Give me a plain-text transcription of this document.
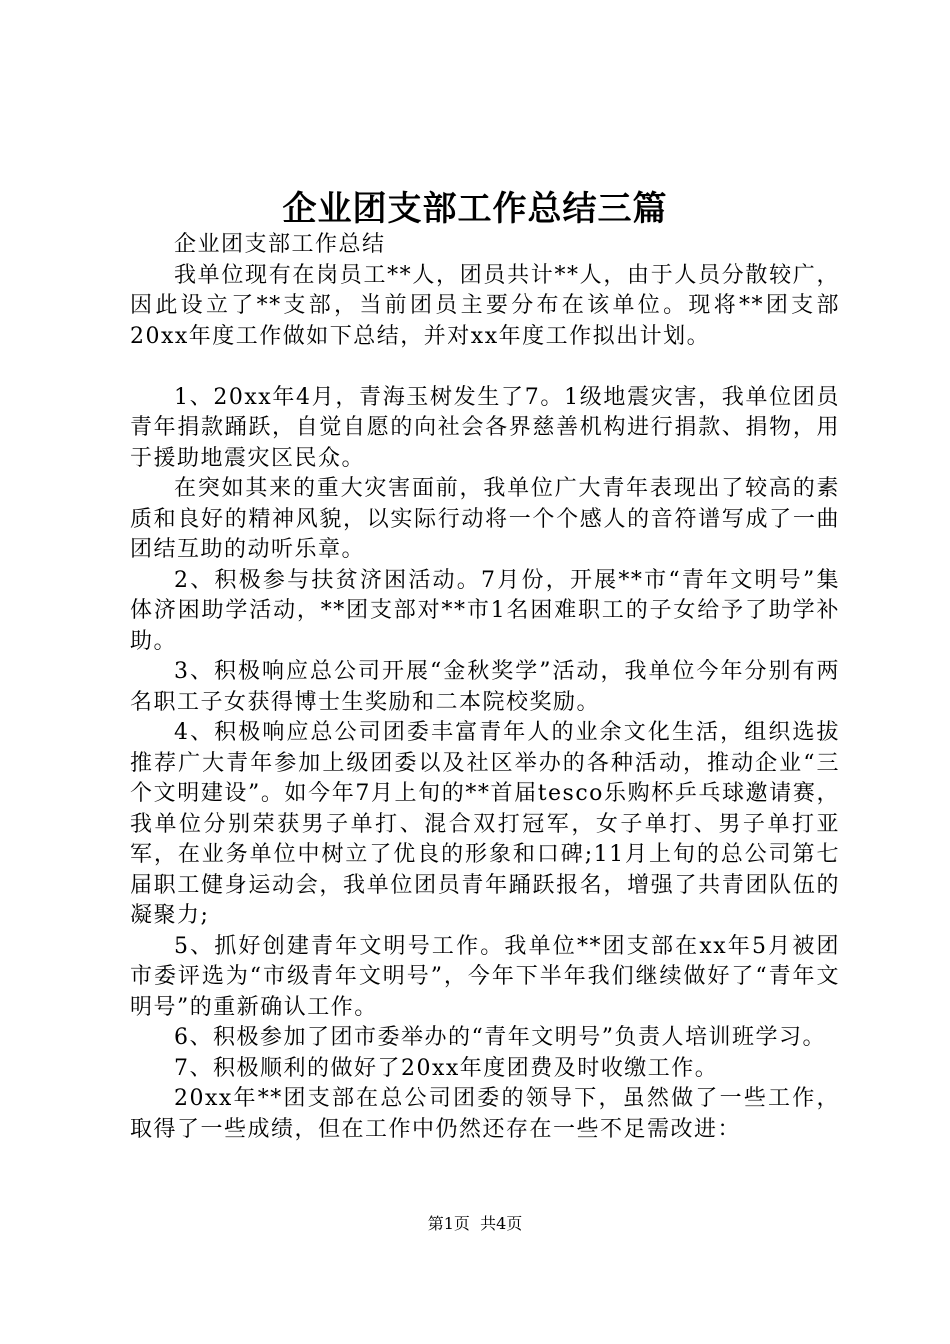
企业团支部工作总结三篇

企业团支部工作总结

我单位现有在岗员工**人，团员共计**人，由于人员分散较广，因此设立了**支部，当前团员主要分布在该单位。现将**团支部20xx年度工作做如下总结，并对xx年度工作拟出计划。

1、20xx年4月，青海玉树发生了7。1级地震灾害，我单位团员青年捐款踊跃，自觉自愿的向社会各界慈善机构进行捐款、捐物，用于援助地震灾区民众。

在突如其来的重大灾害面前，我单位广大青年表现出了较高的素质和良好的精神风貌，以实际行动将一个个感人的音符谱写成了一曲团结互助的动听乐章。

2、积极参与扶贫济困活动。7月份，开展**市“青年文明号”集体济困助学活动，**团支部对**市1名困难职工的子女给予了助学补助。

3、积极响应总公司开展“金秋奖学”活动，我单位今年分别有两名职工子女获得博士生奖励和二本院校奖励。

4、积极响应总公司团委丰富青年人的业余文化生活，组织选拔推荐广大青年参加上级团委以及社区举办的各种活动，推动企业“三个文明建设”。如今年7月上旬的**首届tesco乐购杯乒乓球邀请赛，我单位分别荣获男子单打、混合双打冠军，女子单打、男子单打亚军，在业务单位中树立了优良的形象和口碑;11月上旬的总公司第七届职工健身运动会，我单位团员青年踊跃报名，增强了共青团队伍的凝聚力;

5、抓好创建青年文明号工作。我单位**团支部在xx年5月被团市委评选为“市级青年文明号”，今年下半年我们继续做好了“青年文明号”的重新确认工作。

6、积极参加了团市委举办的“青年文明号”负责人培训班学习。

7、积极顺利的做好了20xx年度团费及时收缴工作。

20xx年**团支部在总公司团委的领导下，虽然做了一些工作，取得了一些成绩，但在工作中仍然还存在一些不足需改进：

第1页  共4页
